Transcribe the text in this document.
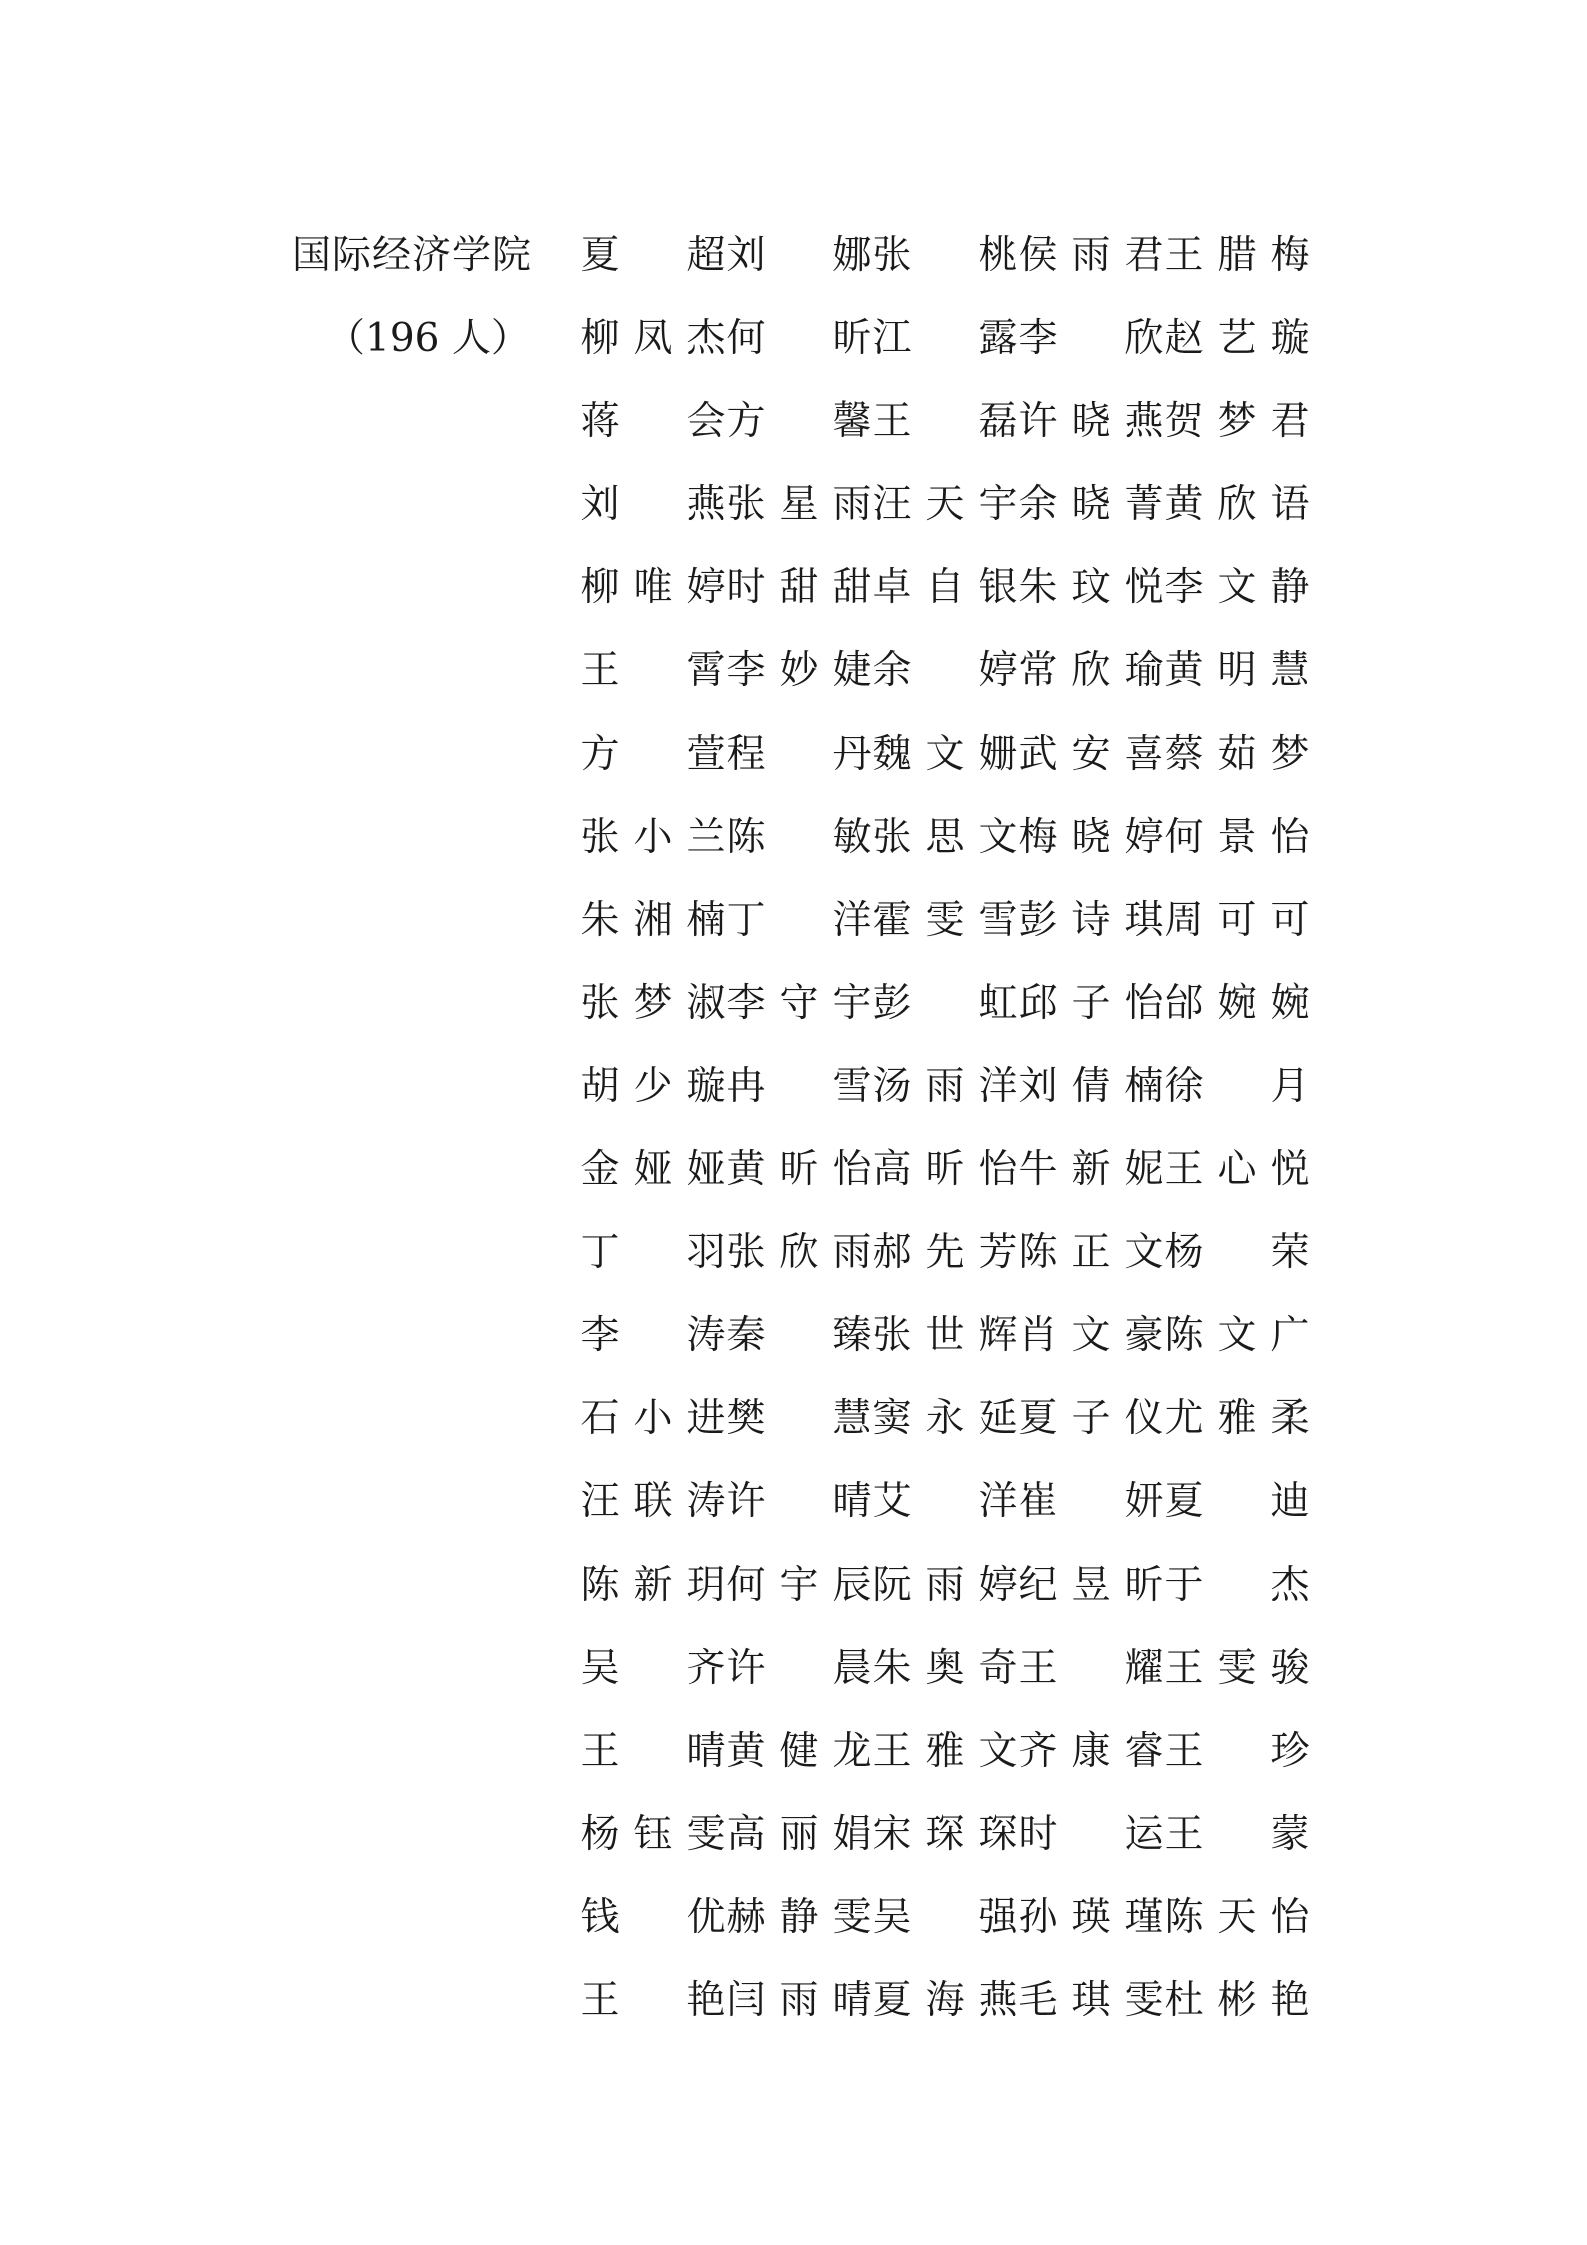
国际经济学院
（196 人）
夏 超 刘 娜 张 桃 侯 雨 君 王 腊 梅
柳 凤 杰 何 昕 江 露 李 欣 赵 艺 璇
蒋 会 方 馨 王 磊 许 晓 燕 贺 梦 君
刘 燕 张 星 雨 汪 天 宇 余 晓 菁 黄 欣 语
柳 唯 婷 时 甜 甜 卓 自 银 朱 玟 悦 李 文 静
王 霄 李 妙 婕 余 婷 常 欣 瑜 黄 明 慧
方 萱 程 丹 魏 文 姗 武 安 喜 蔡 茹 梦
张 小 兰 陈 敏 张 思 文 梅 晓 婷 何 景 怡
朱 湘 楠 丁 洋 霍 雯 雪 彭 诗 琪 周 可 可
张 梦 淑 李 守 宇 彭 虹 邱 子 怡 邰 婉 婉
胡 少 璇 冉 雪 汤 雨 洋 刘 倩 楠 徐 月
金 娅 娅 黄 昕 怡 高 昕 怡 牛 新 妮 王 心 悦
丁 羽 张 欣 雨 郝 先 芳 陈 正 文 杨 荣
李 涛 秦 臻 张 世 辉 肖 文 豪 陈 文 广
石 小 进 樊 慧 窦 永 延 夏 子 仪 尤 雅 柔
汪 联 涛 许 晴 艾 洋 崔 妍 夏 迪
陈 新 玥 何 宇 辰 阮 雨 婷 纪 昱 昕 于 杰
吴 齐 许 晨 朱 奥 奇 王 耀 王 雯 骏
王 晴 黄 健 龙 王 雅 文 齐 康 睿 王 珍
杨 钰 雯 高 丽 娟 宋 琛 琛 时 运 王 蒙
钱 优 赫 静 雯 吴 强 孙 瑛 瑾 陈 天 怡
王 艳 闫 雨 晴 夏 海 燕 毛 琪 雯 杜 彬 艳
